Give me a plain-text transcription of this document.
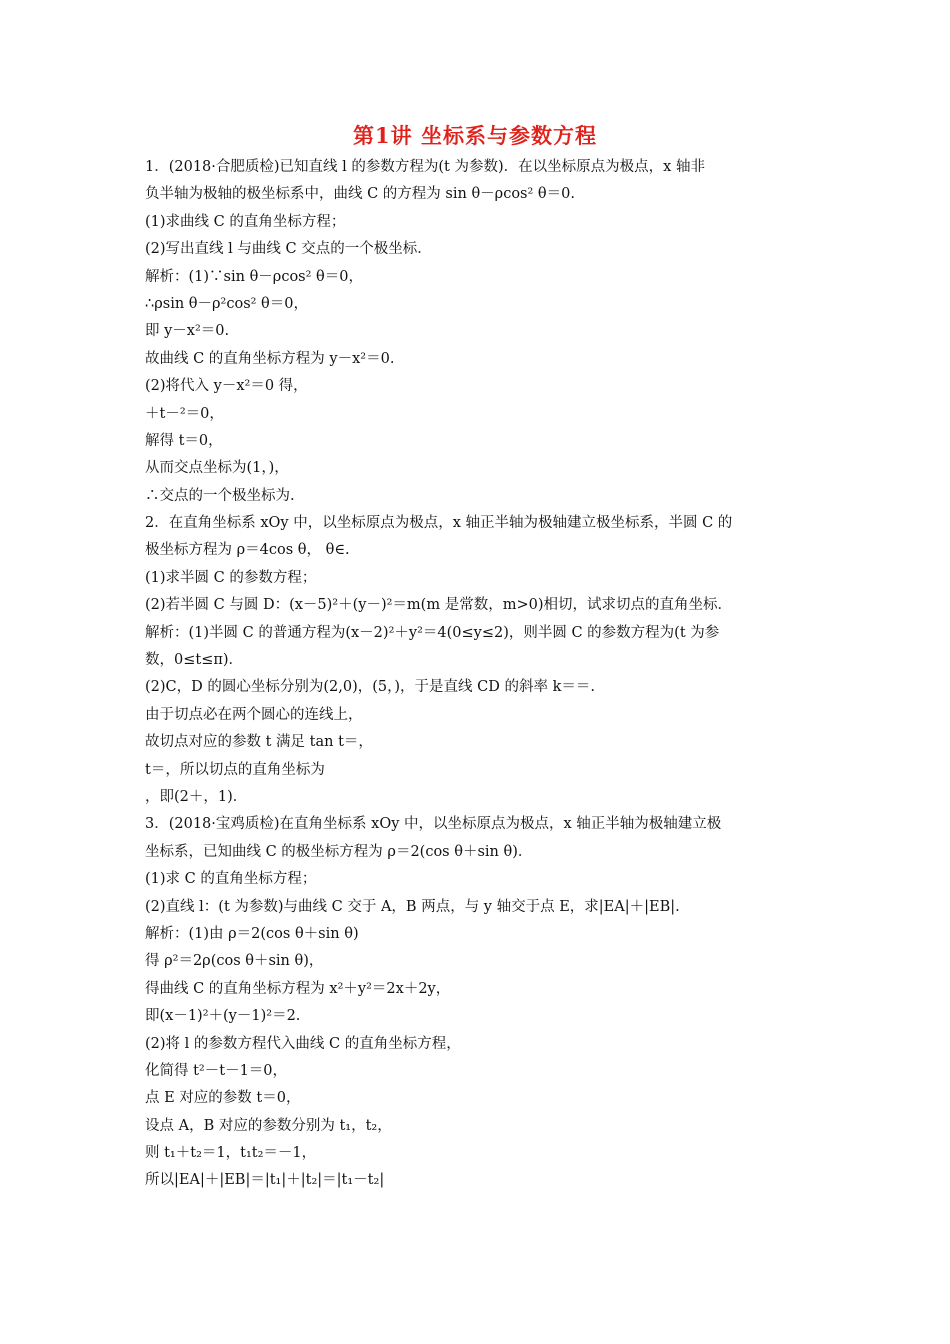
第1讲 坐标系与参数方程
1．(2018·合肥质检)已知直线 l 的参数方程为(t 为参数)．在以坐标原点为极点，x 轴非
负半轴为极轴的极坐标系中，曲线 C 的方程为 sin θ－ρcos² θ＝0.
(1)求曲线 C 的直角坐标方程；
(2)写出直线 l 与曲线 C 交点的一个极坐标．
解析：(1)∵sin θ－ρcos² θ＝0，
∴ρsin θ－ρ²cos² θ＝0，
即 y－x²＝0.
故曲线 C 的直角坐标方程为 y－x²＝0.
(2)将代入 y－x²＝0 得，
＋t－²＝0，
解得 t＝0，
从而交点坐标为(1，)，
∴交点的一个极坐标为.
2．在直角坐标系 xOy 中，以坐标原点为极点，x 轴正半轴为极轴建立极坐标系，半圆 C 的
极坐标方程为 ρ＝4cos θ， θ∈.
(1)求半圆 C 的参数方程；
(2)若半圆 C 与圆 D：(x－5)²＋(y－)²＝m(m 是常数，m>0)相切，试求切点的直角坐标．
解析：(1)半圆 C 的普通方程为(x－2)²＋y²＝4(0≤y≤2)，则半圆 C 的参数方程为(t 为参
数，0≤t≤π)．
(2)C，D 的圆心坐标分别为(2,0)，(5，)，于是直线 CD 的斜率 k＝＝.
由于切点必在两个圆心的连线上，
故切点对应的参数 t 满足 tan t＝，
t＝，所以切点的直角坐标为
，即(2＋，1)．
3．(2018·宝鸡质检)在直角坐标系 xOy 中，以坐标原点为极点，x 轴正半轴为极轴建立极
坐标系，已知曲线 C 的极坐标方程为 ρ＝2(cos θ＋sin θ)．
(1)求 C 的直角坐标方程；
(2)直线 l：(t 为参数)与曲线 C 交于 A，B 两点，与 y 轴交于点 E，求|EA|＋|EB|.
解析：(1)由 ρ＝2(cos θ＋sin θ)
得 ρ²＝2ρ(cos θ＋sin θ)，
得曲线 C 的直角坐标方程为 x²＋y²＝2x＋2y，
即(x－1)²＋(y－1)²＝2.
(2)将 l 的参数方程代入曲线 C 的直角坐标方程，
化简得 t²－t－1＝0，
点 E 对应的参数 t＝0，
设点 A，B 对应的参数分别为 t₁，t₂，
则 t₁＋t₂＝1，t₁t₂＝－1，
所以|EA|＋|EB|＝|t₁|＋|t₂|＝|t₁－t₂|
